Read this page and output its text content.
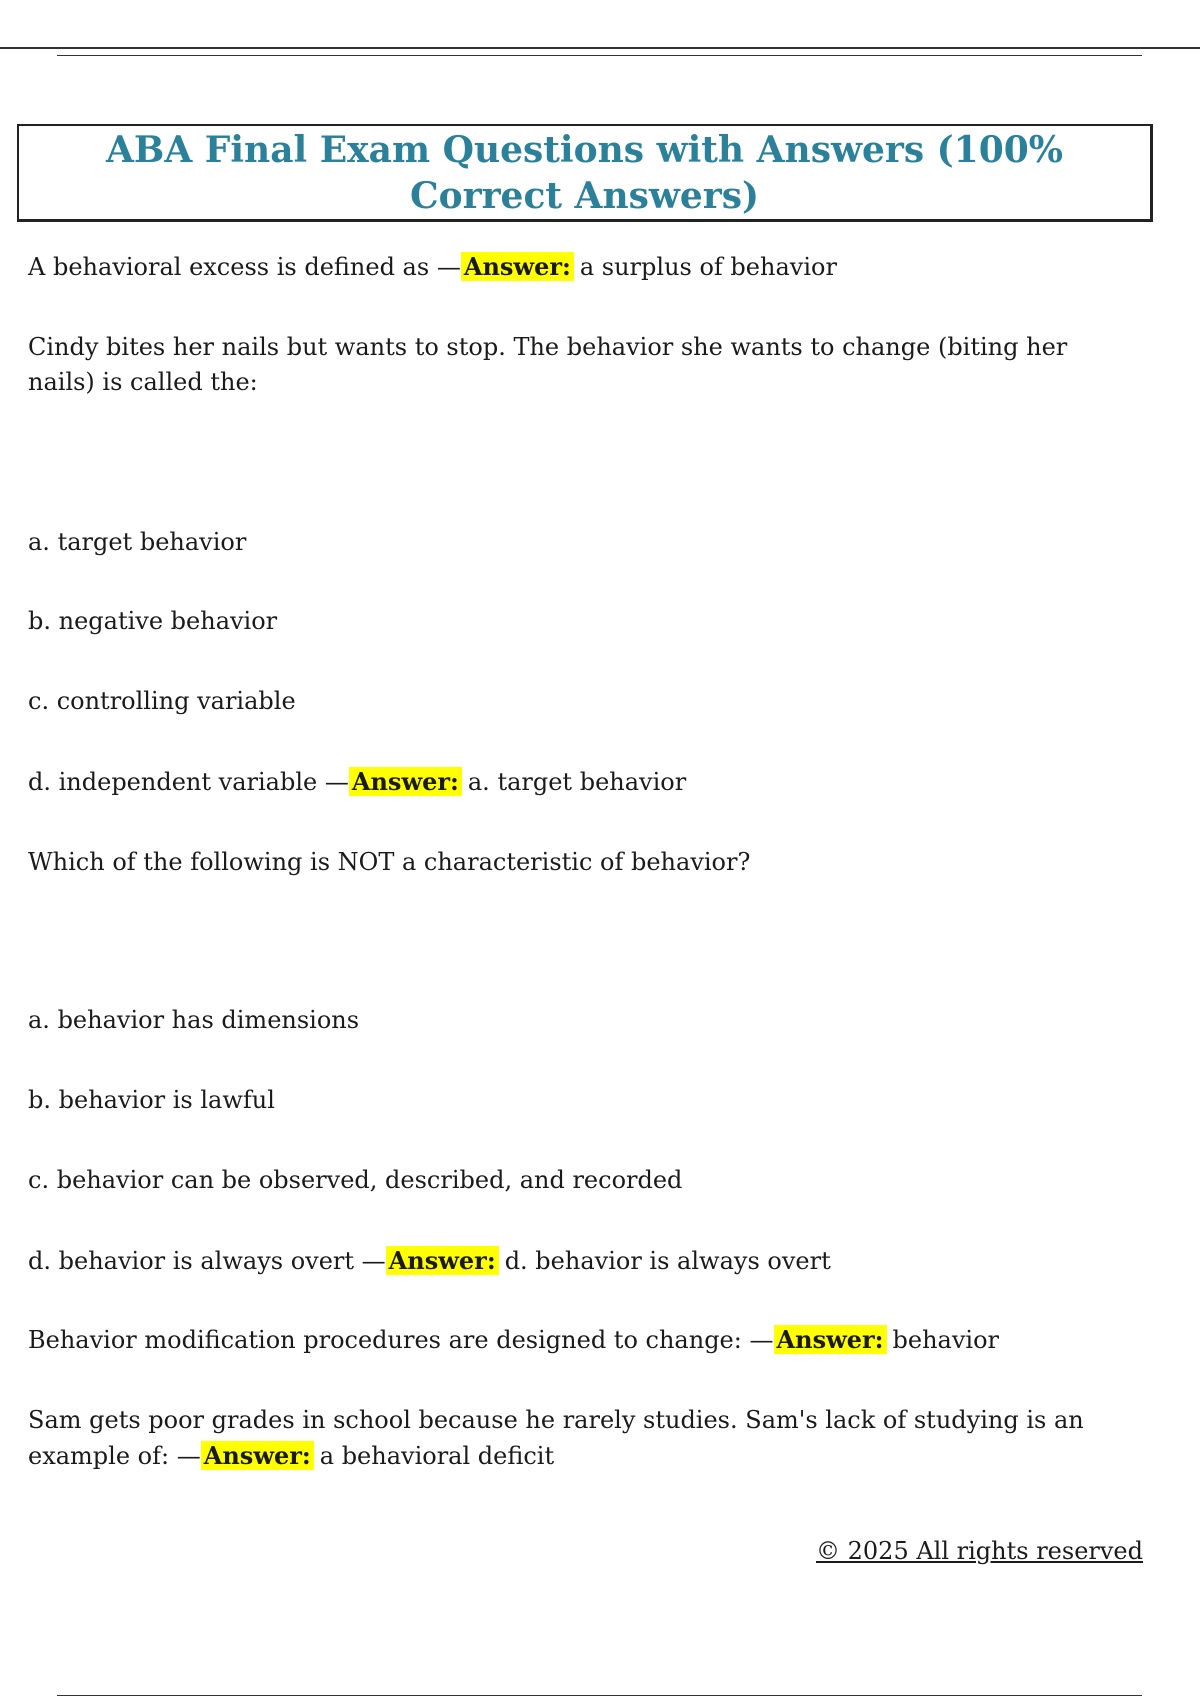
ABA Final Exam Questions with Answers (100% Correct Answers)

A behavioral excess is defined as — Answer: a surplus of behavior

Cindy bites her nails but wants to stop. The behavior she wants to change (biting her nails) is called the:

a. target behavior

b. negative behavior

c. controlling variable

d. independent variable — Answer: a. target behavior

Which of the following is NOT a characteristic of behavior?

a. behavior has dimensions

b. behavior is lawful

c. behavior can be observed, described, and recorded

d. behavior is always overt — Answer: d. behavior is always overt

Behavior modification procedures are designed to change: — Answer: behavior

Sam gets poor grades in school because he rarely studies. Sam's lack of studying is an example of: — Answer: a behavioral deficit

© 2025 All rights reserved
